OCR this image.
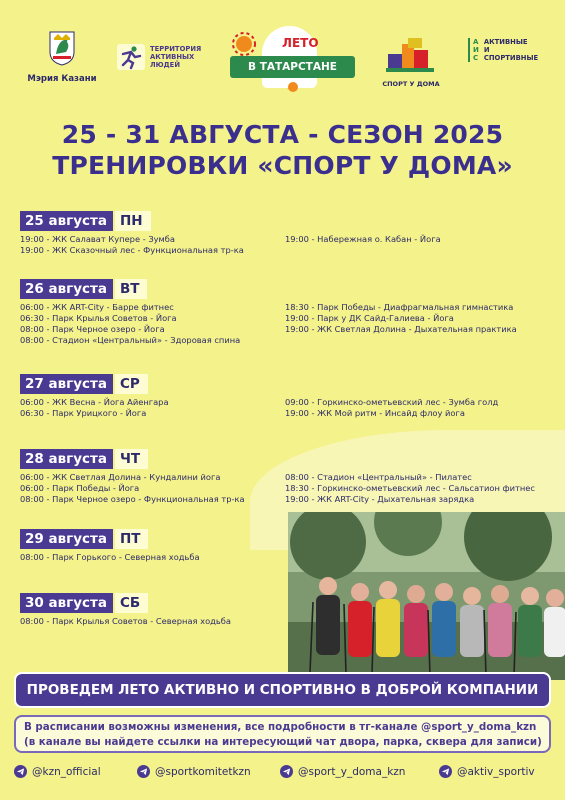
Мэрия Казани
ТЕРРИТОРИЯ
АКТИВНЫХ
ЛЮДЕЙ
ЛЕТО
В ТАТАРСТАНЕ
СПОРТ У ДОМА
А
И
С
АКТИВНЫЕ
И
СПОРТИВНЫЕ
25 - 31 АВГУСТА - СЕЗОН 2025
ТРЕНИРОВКИ «СПОРТ У ДОМА»
25 августа ПН
19:00 - ЖК Салават Купере - Зумба
19:00 - ЖК Сказочный лес - Функциональная тр-ка
19:00 - Набережная о. Кабан - Йога
26 августа ВТ
06:00 - ЖК ART-City - Барре фитнес
06:30 - Парк Крылья Советов - Йога
08:00 - Парк Черное озеро - Йога
08:00 - Стадион «Центральный» - Здоровая спина
18:30 - Парк Победы - Диафрагмальная гимнастика
19:00 - Парк у ДК Сайд-Галиева - Йога
19:00 - ЖК Светлая Долина - Дыхательная практика
27 августа СР
06:00 - ЖК Весна - Йога Айенгара
06:30 - Парк Урицкого - Йога
09:00 - Горкинско-ометьевский лес - Зумба голд
19:00 - ЖК Мой ритм - Инсайд флоу йога
28 августа ЧТ
06:00 - ЖК Светлая Долина - Кундалини йога
06:00 - Парк Победы - Йога
08:00 - Парк Черное озеро - Функциональная тр-ка
08:00 - Стадион «Центральный» - Пилатес
18:30 - Горкинско-ометьевский лес - Сальсатион фитнес
19:00 - ЖК ART-City - Дыхательная зарядка
29 августа ПТ
08:00 - Парк Горького - Северная ходьба
30 августа СБ
08:00 - Парк Крылья Советов - Северная ходьба
ПРОВЕДЕМ ЛЕТО АКТИВНО И СПОРТИВНО В ДОБРОЙ КОМПАНИИ
В расписании возможны изменения, все подробности в тг-канале @sport_y_doma_kzn
(в канале вы найдете ссылки на интересующий чат двора, парка, сквера для записи)
@kzn_official	@sportkomitetkzn	@sport_y_doma_kzn	@aktiv_sportiv
